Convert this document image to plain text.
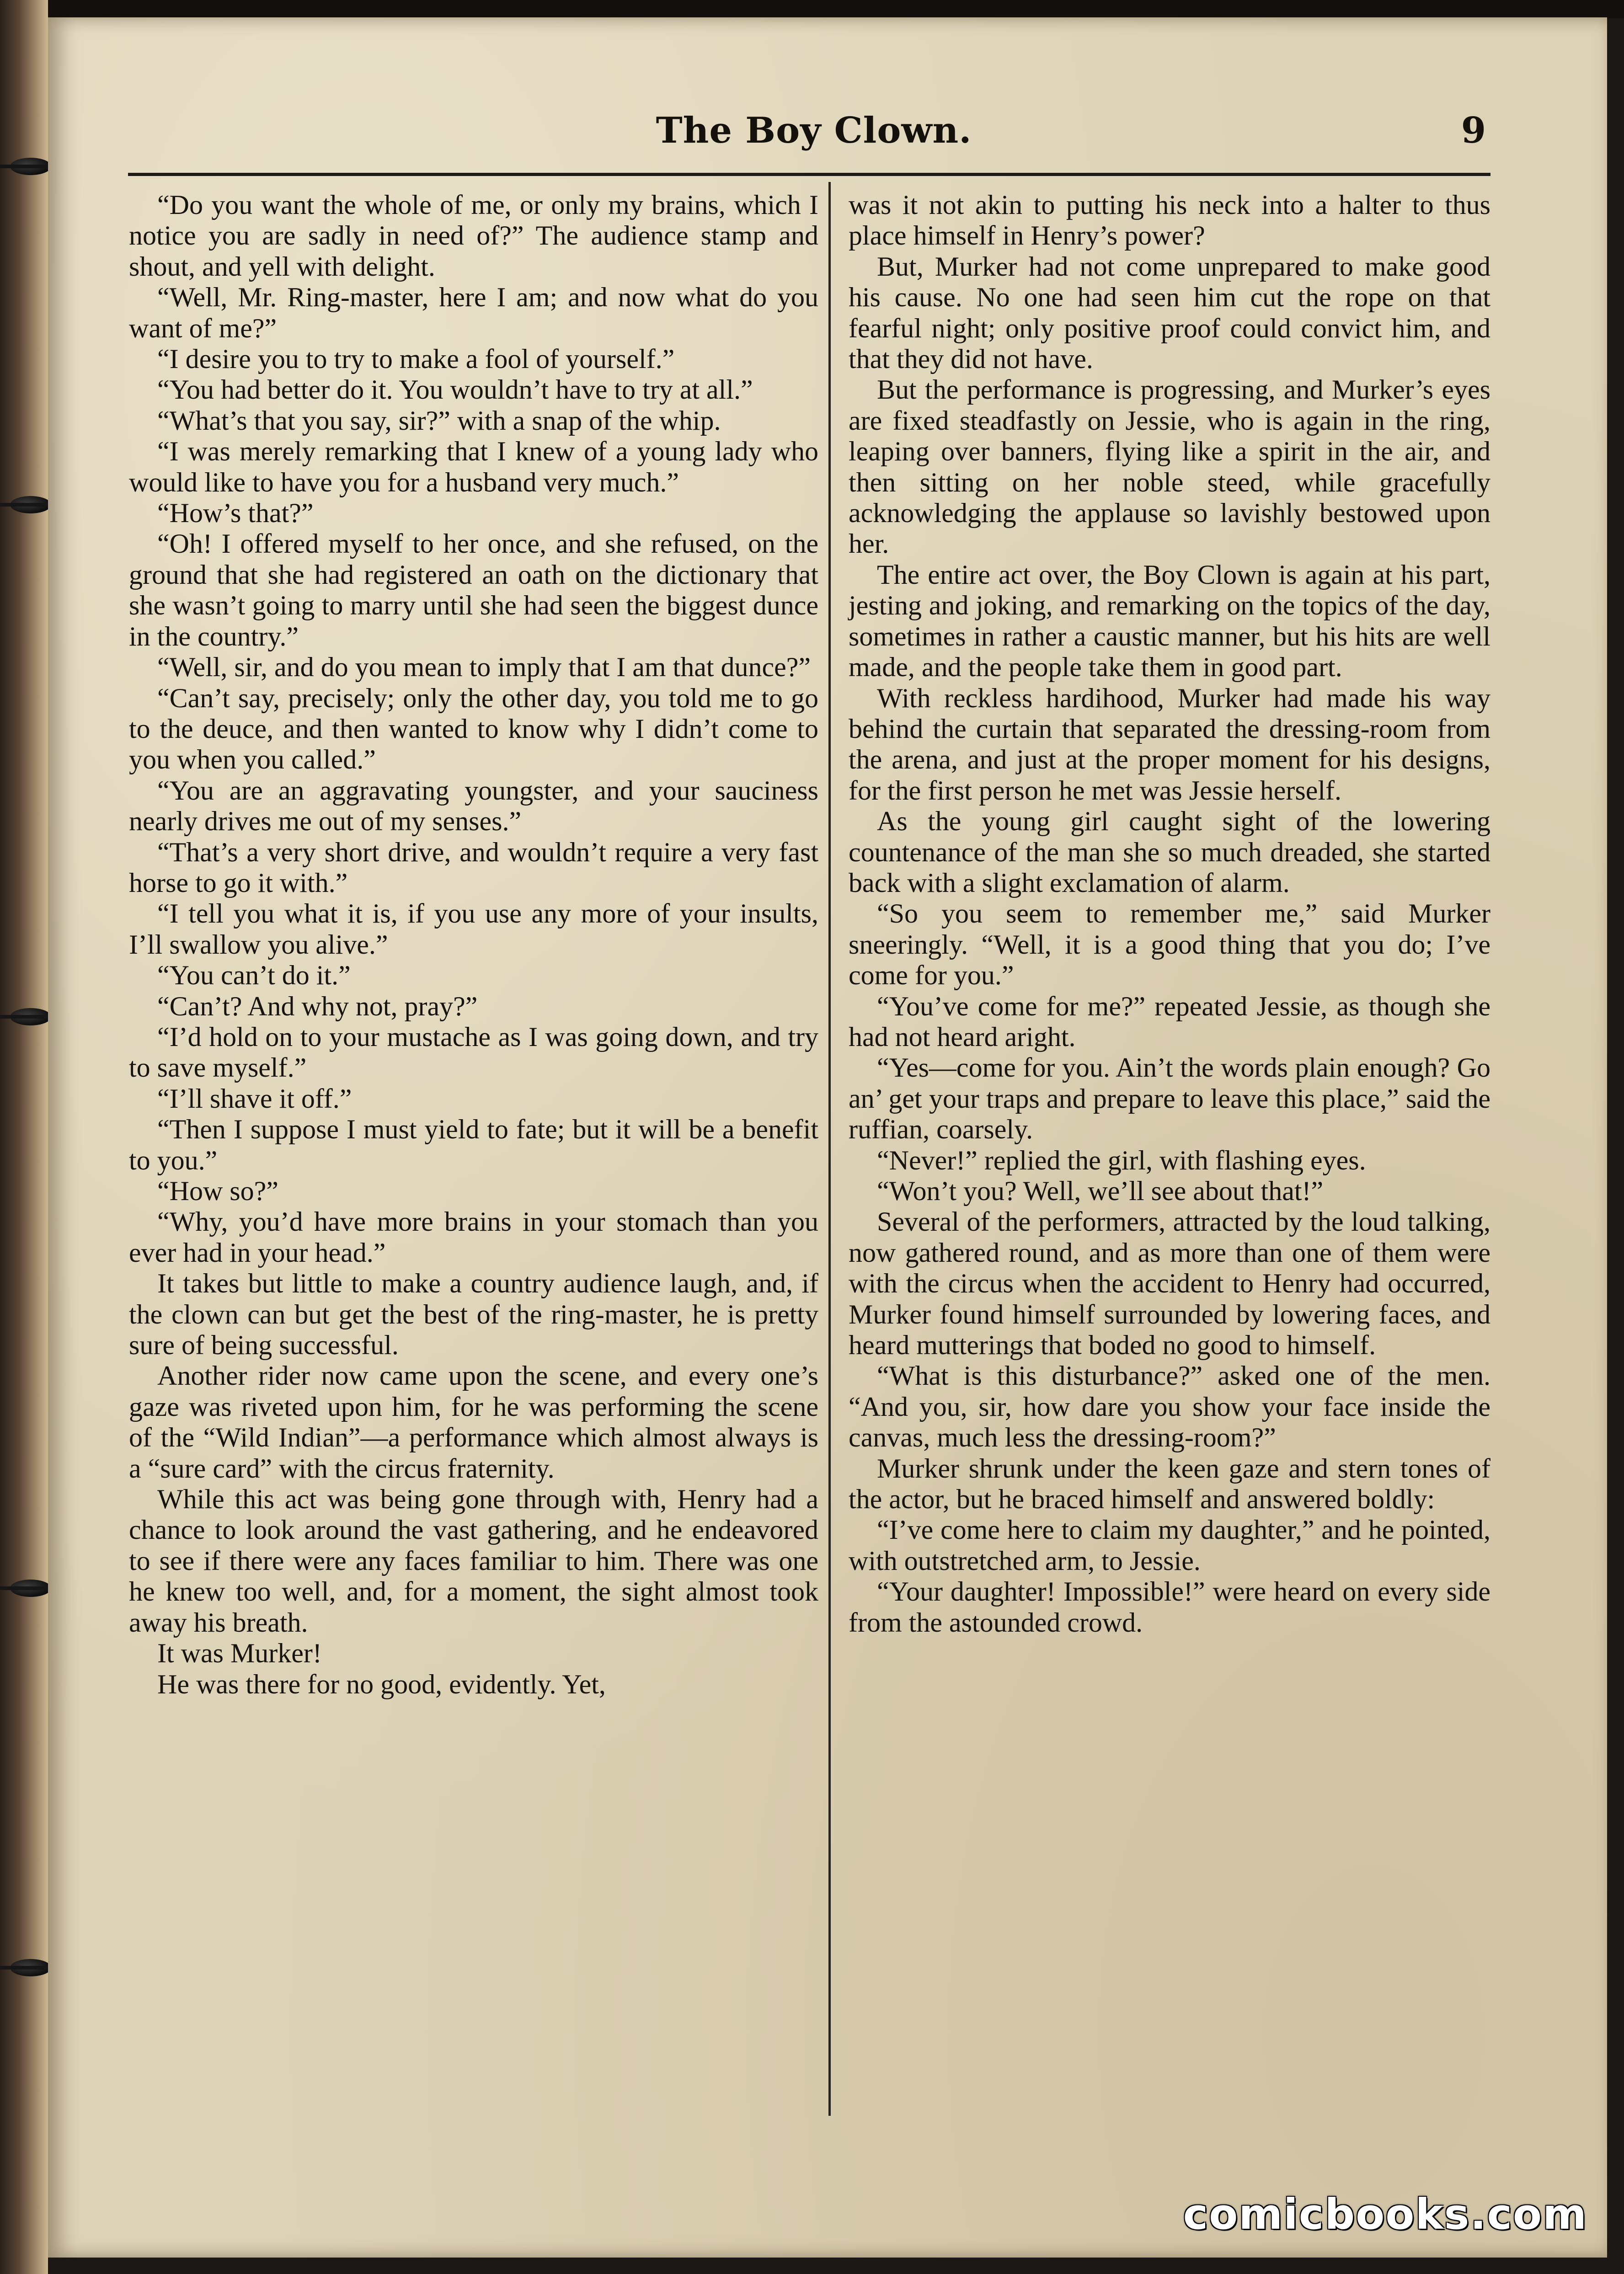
The Boy Clown.	9

“Do you want the whole of me, or only my brains, which I notice you are sadly in need of?” The audience stamp and shout, and yell with delight.

“Well, Mr. Ring-master, here I am; and now what do you want of me?”

“I desire you to try to make a fool of yourself.”

“You had better do it. You wouldn’t have to try at all.”

“What’s that you say, sir?” with a snap of the whip.

“I was merely remarking that I knew of a young lady who would like to have you for a husband very much.”

“How’s that?”

“Oh! I offered myself to her once, and she refused, on the ground that she had registered an oath on the dictionary that she wasn’t going to marry until she had seen the biggest dunce in the country.”

“Well, sir, and do you mean to imply that I am that dunce?”

“Can’t say, precisely; only the other day, you told me to go to the deuce, and then wanted to know why I didn’t come to you when you called.”

“You are an aggravating youngster, and your sauciness nearly drives me out of my senses.”

“That’s a very short drive, and wouldn’t require a very fast horse to go it with.”

“I tell you what it is, if you use any more of your insults, I’ll swallow you alive.”

“You can’t do it.”

“Can’t? And why not, pray?”

“I’d hold on to your mustache as I was going down, and try to save myself.”

“I’ll shave it off.”

“Then I suppose I must yield to fate; but it will be a benefit to you.”

“How so?”

“Why, you’d have more brains in your stomach than you ever had in your head.”

It takes but little to make a country audience laugh, and, if the clown can but get the best of the ring-master, he is pretty sure of being successful.

Another rider now came upon the scene, and every one’s gaze was riveted upon him, for he was performing the scene of the “Wild Indian”—a performance which almost always is a “sure card” with the circus fraternity.

While this act was being gone through with, Henry had a chance to look around the vast gathering, and he endeavored to see if there were any faces familiar to him. There was one he knew too well, and, for a moment, the sight almost took away his breath.

It was Murker!

He was there for no good, evidently. Yet,

was it not akin to putting his neck into a halter to thus place himself in Henry’s power?

But, Murker had not come unprepared to make good his cause. No one had seen him cut the rope on that fearful night; only positive proof could convict him, and that they did not have.

But the performance is progressing, and Murker’s eyes are fixed steadfastly on Jessie, who is again in the ring, leaping over banners, flying like a spirit in the air, and then sitting on her noble steed, while gracefully acknowledging the applause so lavishly bestowed upon her.

The entire act over, the Boy Clown is again at his part, jesting and joking, and remarking on the topics of the day, sometimes in rather a caustic manner, but his hits are well made, and the people take them in good part.

With reckless hardihood, Murker had made his way behind the curtain that separated the dressing-room from the arena, and just at the proper moment for his designs, for the first person he met was Jessie herself.

As the young girl caught sight of the lowering countenance of the man she so much dreaded, she started back with a slight exclamation of alarm.

“So you seem to remember me,” said Murker sneeringly. “Well, it is a good thing that you do; I’ve come for you.”

“You’ve come for me?” repeated Jessie, as though she had not heard aright.

“Yes—come for you. Ain’t the words plain enough? Go an’ get your traps and prepare to leave this place,” said the ruffian, coarsely.

“Never!” replied the girl, with flashing eyes.

“Won’t you? Well, we’ll see about that!”

Several of the performers, attracted by the loud talking, now gathered round, and as more than one of them were with the circus when the accident to Henry had occurred, Murker found himself surrounded by lowering faces, and heard mutterings that boded no good to himself.

“What is this disturbance?” asked one of the men. “And you, sir, how dare you show your face inside the canvas, much less the dressing-room?”

Murker shrunk under the keen gaze and stern tones of the actor, but he braced himself and answered boldly:

“I’ve come here to claim my daughter,” and he pointed, with outstretched arm, to Jessie.

“Your daughter! Impossible!” were heard on every side from the astounded crowd.

comicbooks.com
